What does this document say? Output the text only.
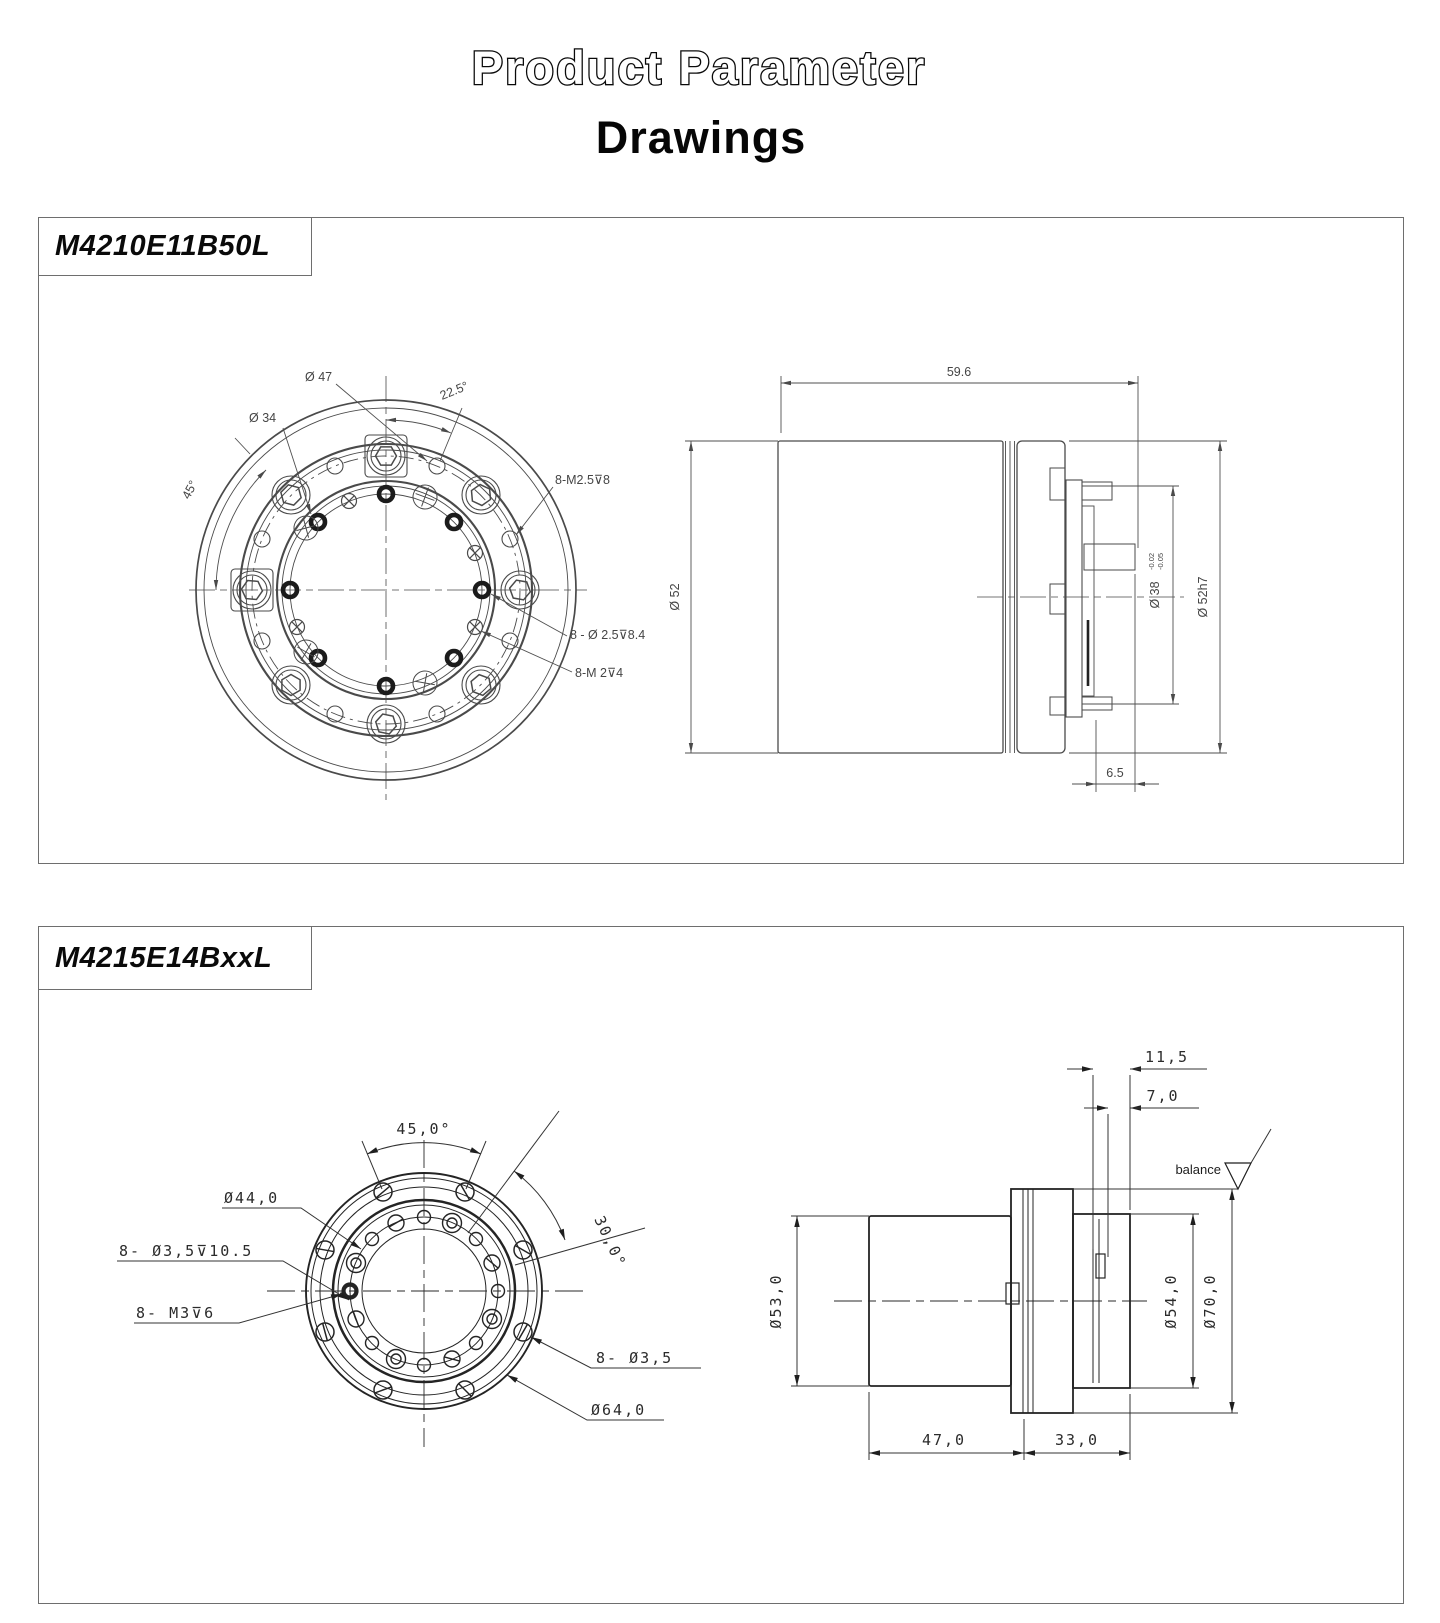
Product Parameter
Drawings
M4210E11B50L
Ø 47
22.5°
Ø 34
45°	8-M2.5⊽8
8 - Ø 2.5⊽8.4
8-M 2⊽4
59.6
Ø 52	Ø 38
-0.02 -0.05
Ø 52h7
6.5
M4215E14BxxL
45,0°
Ø44,0
8- Ø3,5⊽10.5
8- M3⊽6
30,0°
8- Ø3,5
Ø64,0
11,5
7,0
balance
Ø53,0	Ø54,0 Ø70,0
47,0	33,0
